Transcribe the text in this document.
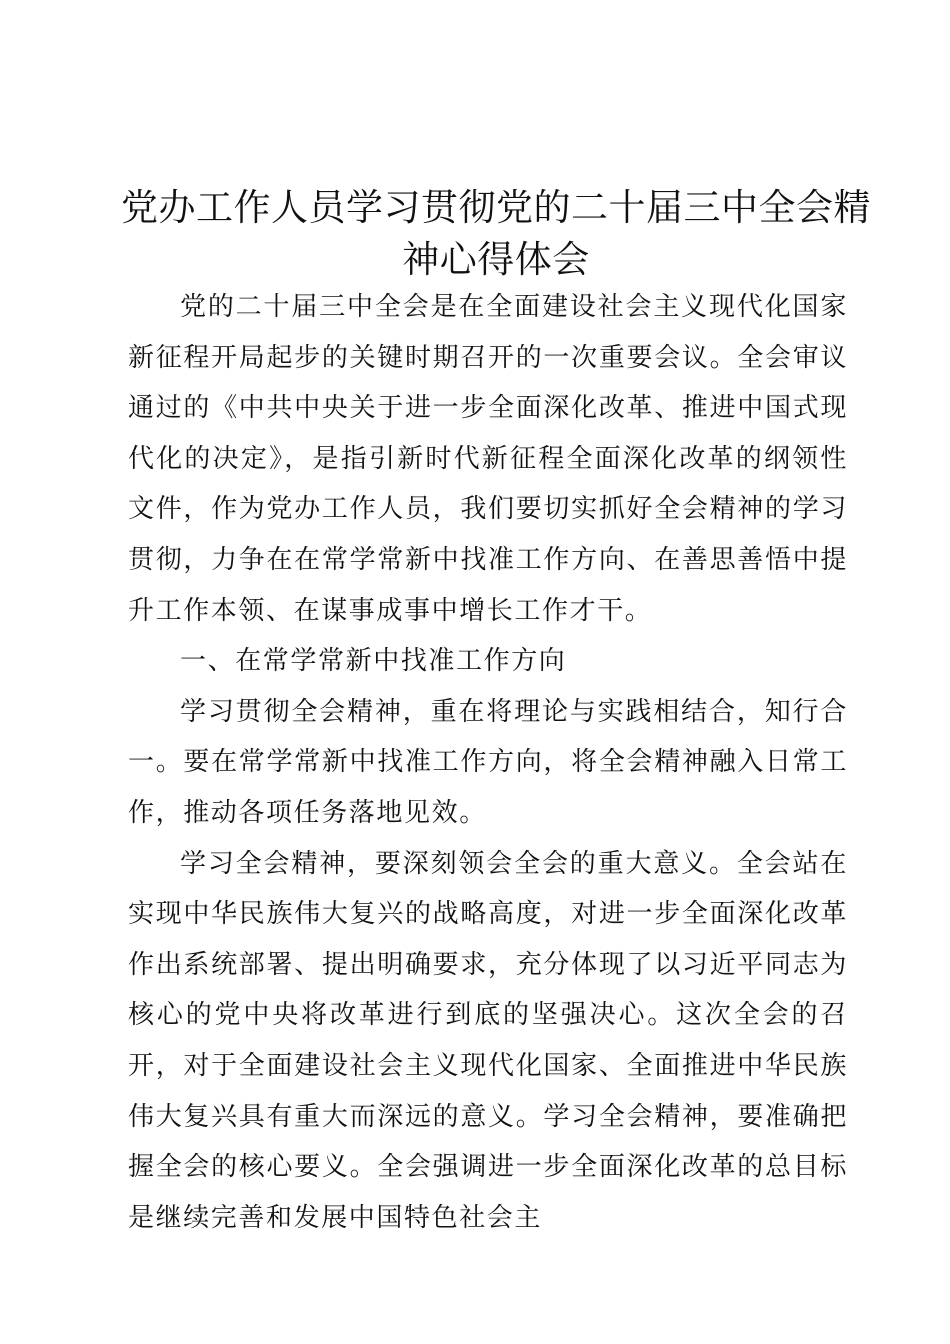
党办工作人员学习贯彻党的二十届三中全会精神心得体会

党的二十届三中全会是在全面建设社会主义现代化国家新征程开局起步的关键时期召开的一次重要会议。全会审议通过的《中共中央关于进一步全面深化改革、推进中国式现代化的决定》，是指引新时代新征程全面深化改革的纲领性文件，作为党办工作人员，我们要切实抓好全会精神的学习贯彻，力争在在常学常新中找准工作方向、在善思善悟中提升工作本领、在谋事成事中增长工作才干。

一、在常学常新中找准工作方向

学习贯彻全会精神，重在将理论与实践相结合，知行合一。要在常学常新中找准工作方向，将全会精神融入日常工作，推动各项任务落地见效。

学习全会精神，要深刻领会全会的重大意义。全会站在实现中华民族伟大复兴的战略高度，对进一步全面深化改革作出系统部署、提出明确要求，充分体现了以习近平同志为核心的党中央将改革进行到底的坚强决心。这次全会的召开，对于全面建设社会主义现代化国家、全面推进中华民族伟大复兴具有重大而深远的意义。学习全会精神，要准确把握全会的核心要义。全会强调进一步全面深化改革的总目标是继续完善和发展中国特色社会主
